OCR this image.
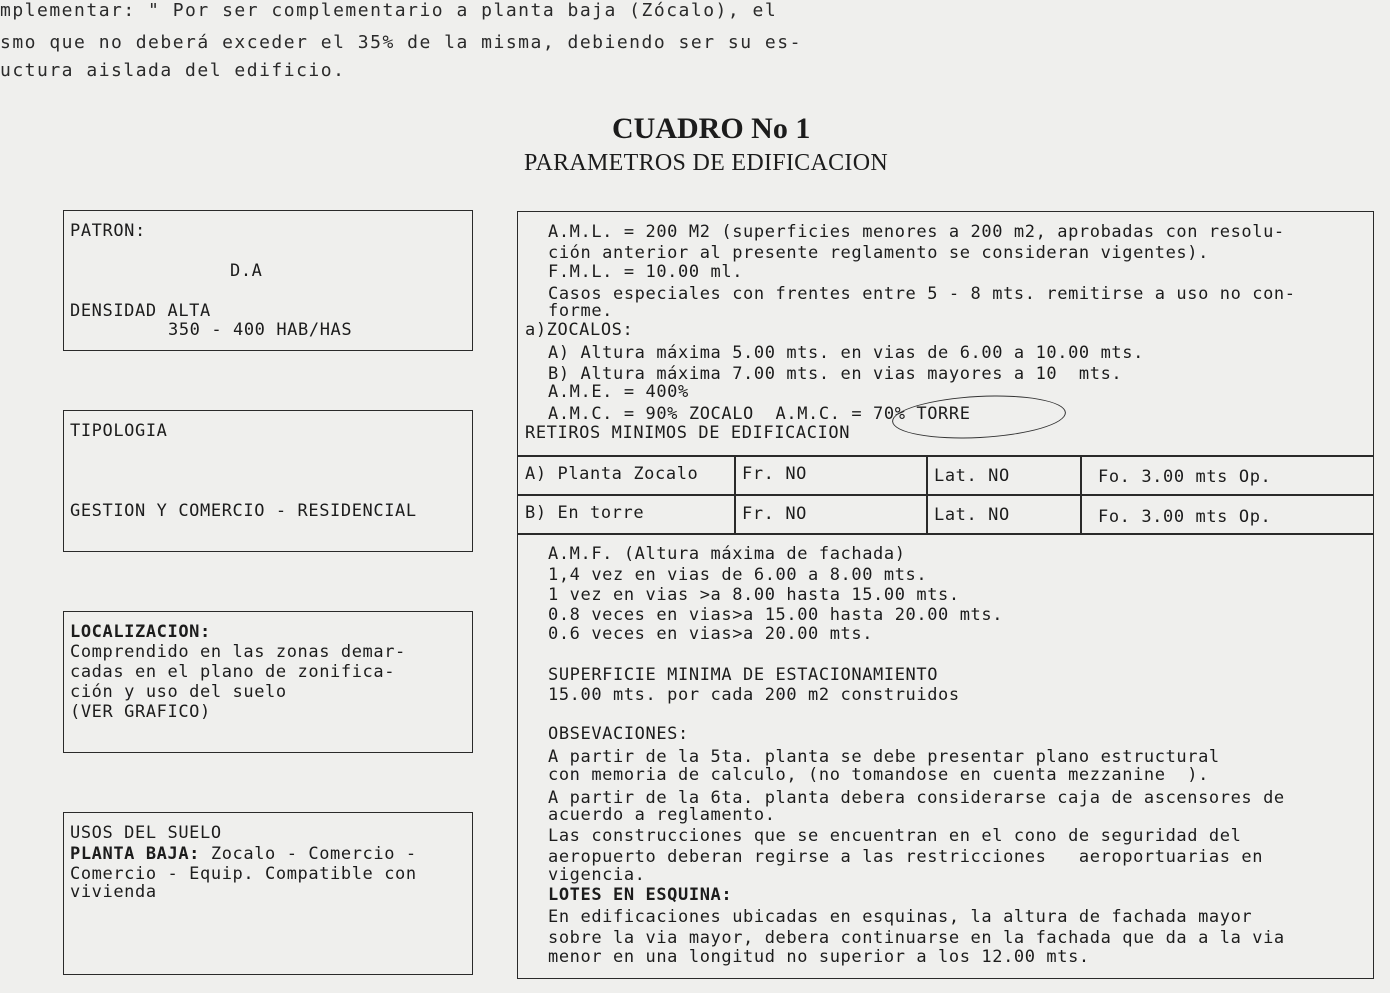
mplementar: " Por ser complementario a planta baja (Zócalo), el
smo que no deberá exceder el 35% de la misma, debiendo ser su es-
uctura aislada del edificio.
CUADRO No 1
PARAMETROS DE EDIFICACION
PATRON:
D.A
DENSIDAD ALTA
350 - 400 HAB/HAS
TIPOLOGIA
GESTION Y COMERCIO - RESIDENCIAL
LOCALIZACION:
Comprendido en las zonas demar-
cadas en el plano de zonifica-
ción y uso del suelo
(VER GRAFICO)
USOS DEL SUELO
PLANTA BAJA: Zocalo - Comercio -
Comercio - Equip. Compatible con
vivienda
A.M.L. = 200 M2 (superficies menores a 200 m2, aprobadas con resolu-
ción anterior al presente reglamento se consideran vigentes).
F.M.L. = 10.00 ml.
Casos especiales con frentes entre 5 - 8 mts. remitirse a uso no con-
forme.
a)ZOCALOS:
A) Altura máxima 5.00 mts. en vias de 6.00 a 10.00 mts.
B) Altura máxima 7.00 mts. en vias mayores a 10  mts.
A.M.E. = 400%
A.M.C. = 90% ZOCALO  A.M.C. = 70% TORRE
RETIROS MINIMOS DE EDIFICACION
A) Planta Zocalo	Fr. NO	Lat. NO	Fo. 3.00 mts Op.
B) En torre	Fr. NO	Lat. NO	Fo. 3.00 mts Op.
A.M.F. (Altura máxima de fachada)
1,4 vez en vias de 6.00 a 8.00 mts.
1 vez en vias >a 8.00 hasta 15.00 mts.
0.8 veces en vias>a 15.00 hasta 20.00 mts.
0.6 veces en vias>a 20.00 mts.
SUPERFICIE MINIMA DE ESTACIONAMIENTO
15.00 mts. por cada 200 m2 construidos
OBSEVACIONES:
A partir de la 5ta. planta se debe presentar plano estructural
con memoria de calculo, (no tomandose en cuenta mezzanine  ).
A partir de la 6ta. planta debera considerarse caja de ascensores de
acuerdo a reglamento.
Las construcciones que se encuentran en el cono de seguridad del
aeropuerto deberan regirse a las restricciones   aeroportuarias en
vigencia.
LOTES EN ESQUINA:
En edificaciones ubicadas en esquinas, la altura de fachada mayor
sobre la via mayor, debera continuarse en la fachada que da a la via
menor en una longitud no superior a los 12.00 mts.
